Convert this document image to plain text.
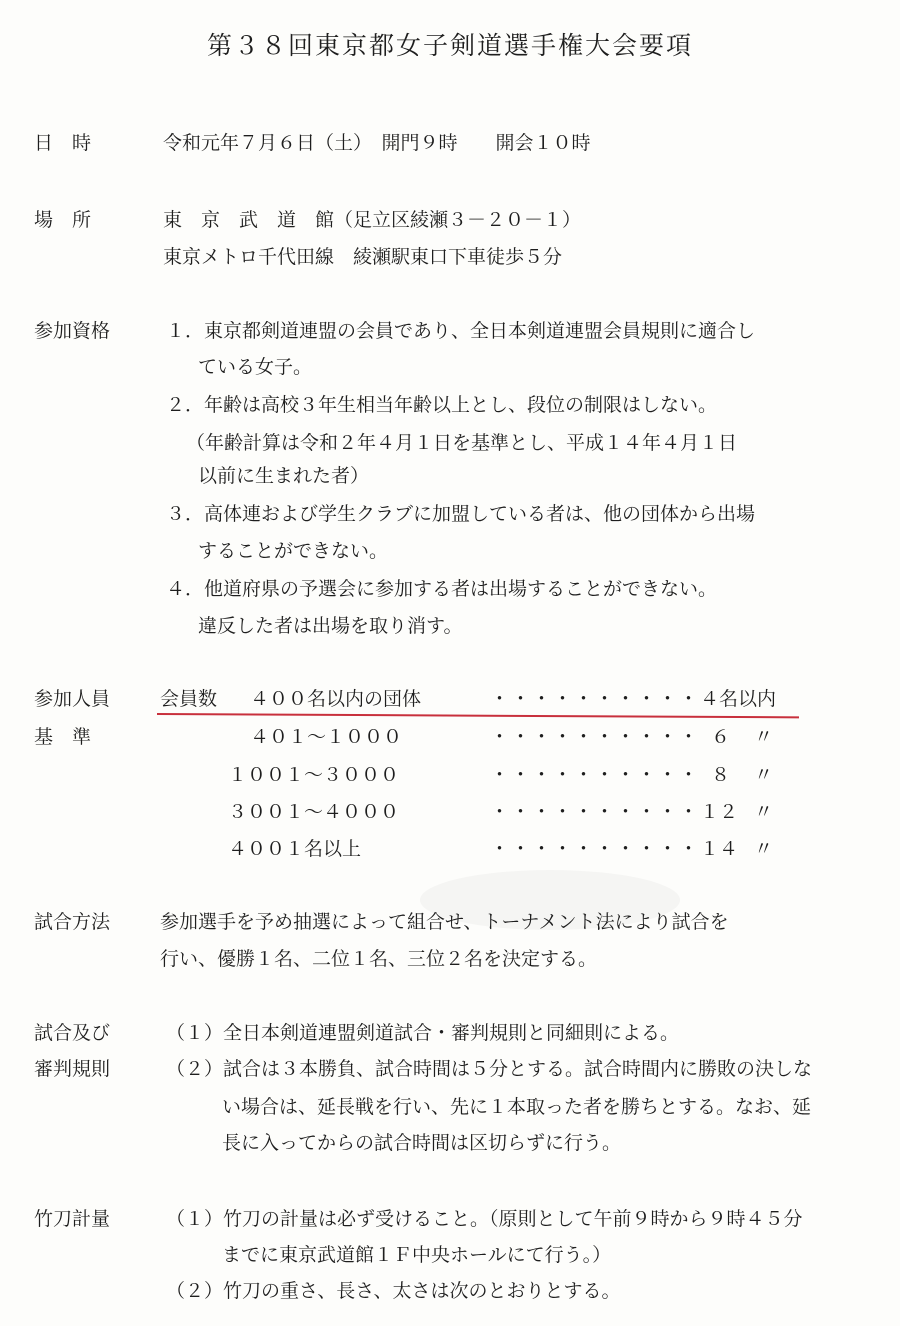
第３８回東京都女子剣道選手権大会要項
日　時	令和元年７月６日（土）　開門９時　　開会１０時
場　所	東　京　武　道　館（足立区綾瀬３－２０－１）
東京メトロ千代田線　綾瀬駅東口下車徒歩５分
参加資格	１．東京都剣道連盟の会員であり、全日本剣道連盟会員規則に適合し
ている女子。
２．年齢は高校３年生相当年齢以上とし、段位の制限はしない。
（年齢計算は令和２年４月１日を基準とし、平成１４年４月１日
以前に生まれた者）
３．高体連および学生クラブに加盟している者は、他の団体から出場
することができない。
４．他道府県の予選会に参加する者は出場することができない。
違反した者は出場を取り消す。
参加人員
基　準
会員数 ４００名以内の団体	・・・・・・・・・・ ４名以内
４０１～１０００	・・・・・・・・・・ ６ 〃
１００１～３０００	・・・・・・・・・・ ８ 〃
３００１～４０００	・・・・・・・・・・ １２ 〃
４００１名以上	・・・・・・・・・・ １４ 〃
試合方法	参加選手を予め抽選によって組合せ、トーナメント法により試合を
行い、優勝１名、二位１名、三位２名を決定する。
試合及び
審判規則
（１）全日本剣道連盟剣道試合・審判規則と同細則による。
（２）試合は３本勝負、試合時間は５分とする。試合時間内に勝敗の決しな
い場合は、延長戦を行い、先に１本取った者を勝ちとする。なお、延
長に入ってからの試合時間は区切らずに行う。
竹刀計量	（１）竹刀の計量は必ず受けること。（原則として午前９時から９時４５分
までに東京武道館１Ｆ中央ホールにて行う。）
（２）竹刀の重さ、長さ、太さは次のとおりとする。
